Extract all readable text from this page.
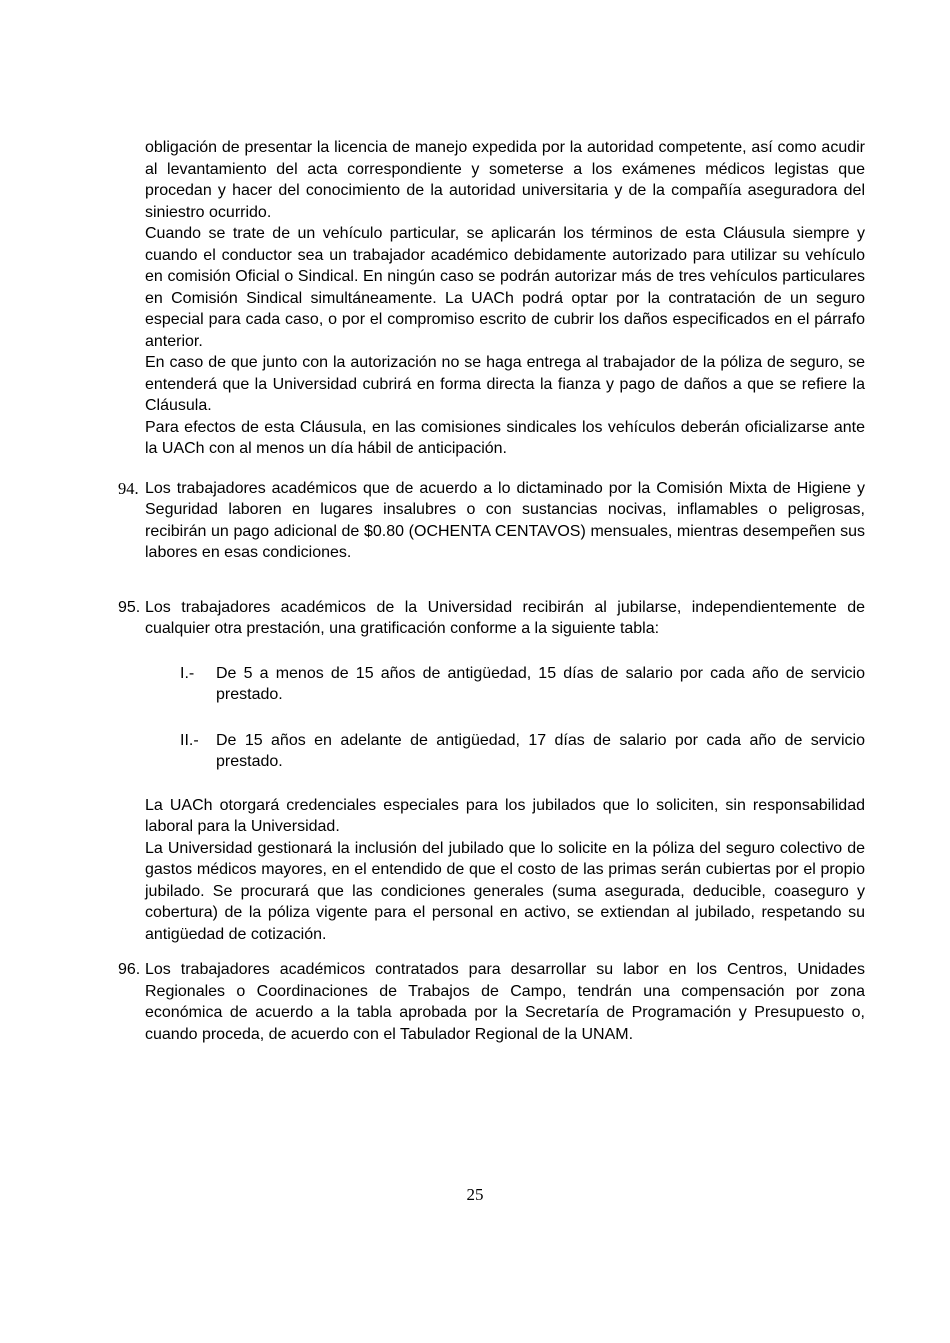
obligación de presentar la licencia de manejo expedida por la autoridad competente, así como acudir al levantamiento del acta correspondiente y someterse a los exámenes médicos legistas que procedan y hacer del conocimiento de la autoridad universitaria y de la compañía aseguradora del siniestro ocurrido.

Cuando se trate de un vehículo particular, se aplicarán los términos de esta Cláusula siempre y cuando el conductor sea un trabajador académico debidamente autorizado para utilizar su vehículo en comisión Oficial o Sindical. En ningún caso se podrán autorizar más de tres vehículos particulares en Comisión Sindical simultáneamente. La UACh podrá optar por la contratación de un seguro especial para cada caso, o por el compromiso escrito de cubrir los daños especificados en el párrafo anterior.

En caso de que junto con la autorización no se haga entrega al trabajador de la póliza de seguro, se entenderá que la Universidad cubrirá en forma directa la fianza y pago de daños a que se refiere la Cláusula.

Para efectos de esta Cláusula, en las comisiones sindicales los vehículos deberán oficializarse ante la UACh con al menos un día hábil de anticipación.

94. Los trabajadores académicos que de acuerdo a lo dictaminado por la Comisión Mixta de Higiene y Seguridad laboren en lugares insalubres o con sustancias nocivas, inflamables o peligrosas, recibirán un pago adicional de $0.80 (OCHENTA CENTAVOS) mensuales, mientras desempeñen sus labores en esas condiciones.

95. Los trabajadores académicos de la Universidad recibirán al jubilarse, independientemente de cualquier otra prestación, una gratificación conforme a la siguiente tabla:

I.-	De 5 a menos de 15 años de antigüedad, 15 días de salario por cada año de servicio prestado.

II.-	De 15 años en adelante de antigüedad, 17 días de salario por cada año de servicio prestado.

La UACh otorgará credenciales especiales para los jubilados que lo soliciten, sin responsabilidad laboral para la Universidad.

La Universidad gestionará la inclusión del jubilado que lo solicite en la póliza del seguro colectivo de gastos médicos mayores, en el entendido de que el costo de las primas serán cubiertas por el propio jubilado. Se procurará que las condiciones generales (suma asegurada, deducible, coaseguro y cobertura) de la póliza vigente para el personal en activo, se extiendan al jubilado, respetando su antigüedad de cotización.

96. Los trabajadores académicos contratados para desarrollar su labor en los Centros, Unidades Regionales o Coordinaciones de Trabajos de Campo, tendrán una compensación por zona económica de acuerdo a la tabla aprobada por la Secretaría de Programación y Presupuesto o, cuando proceda, de acuerdo con el Tabulador Regional de la UNAM.

25
